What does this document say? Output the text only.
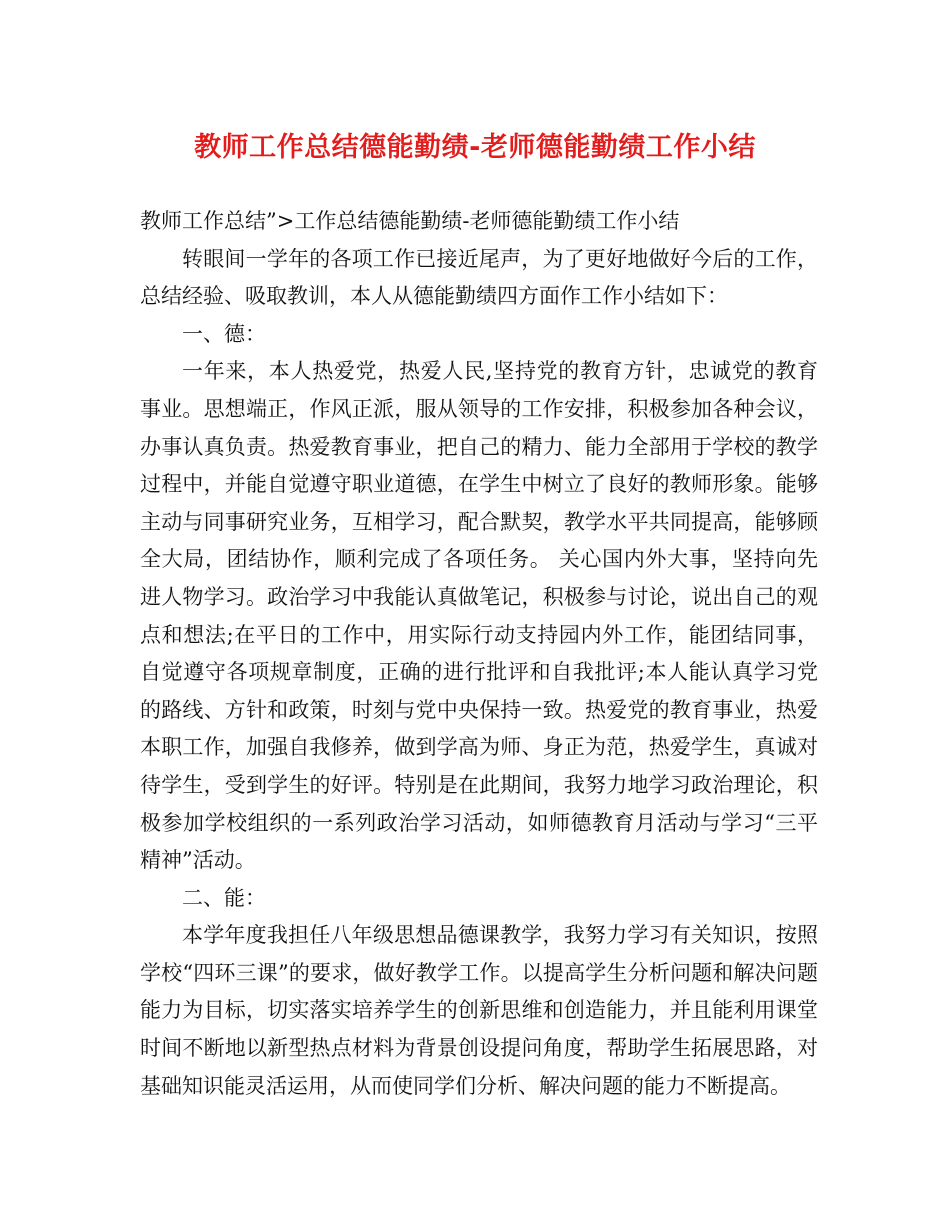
教师工作总结德能勤绩-老师德能勤绩工作小结

教师工作总结”>工作总结德能勤绩-老师德能勤绩工作小结

转眼间一学年的各项工作已接近尾声，为了更好地做好今后的工作，总结经验、吸取教训，本人从德能勤绩四方面作工作小结如下：

一、德：

一年来，本人热爱党，热爱人民,坚持党的教育方针，忠诚党的教育事业。思想端正，作风正派，服从领导的工作安排，积极参加各种会议，办事认真负责。热爱教育事业，把自己的精力、能力全部用于学校的教学过程中，并能自觉遵守职业道德，在学生中树立了良好的教师形象。能够主动与同事研究业务，互相学习，配合默契，教学水平共同提高，能够顾全大局，团结协作，顺利完成了各项任务。 关心国内外大事，坚持向先进人物学习。政治学习中我能认真做笔记，积极参与讨论，说出自己的观点和想法;在平日的工作中，用实际行动支持园内外工作，能团结同事，自觉遵守各项规章制度，正确的进行批评和自我批评;本人能认真学习党的路线、方针和政策，时刻与党中央保持一致。热爱党的教育事业，热爱本职工作，加强自我修养，做到学高为师、身正为范，热爱学生，真诚对待学生，受到学生的好评。特别是在此期间，我努力地学习政治理论，积极参加学校组织的一系列政治学习活动，如师德教育月活动与学习“三平精神”活动。

二、能：

本学年度我担任八年级思想品德课教学，我努力学习有关知识，按照学校“四环三课”的要求，做好教学工作。以提高学生分析问题和解决问题能力为目标，切实落实培养学生的创新思维和创造能力，并且能利用课堂时间不断地以新型热点材料为背景创设提问角度，帮助学生拓展思路，对基础知识能灵活运用，从而使同学们分析、解决问题的能力不断提高。
